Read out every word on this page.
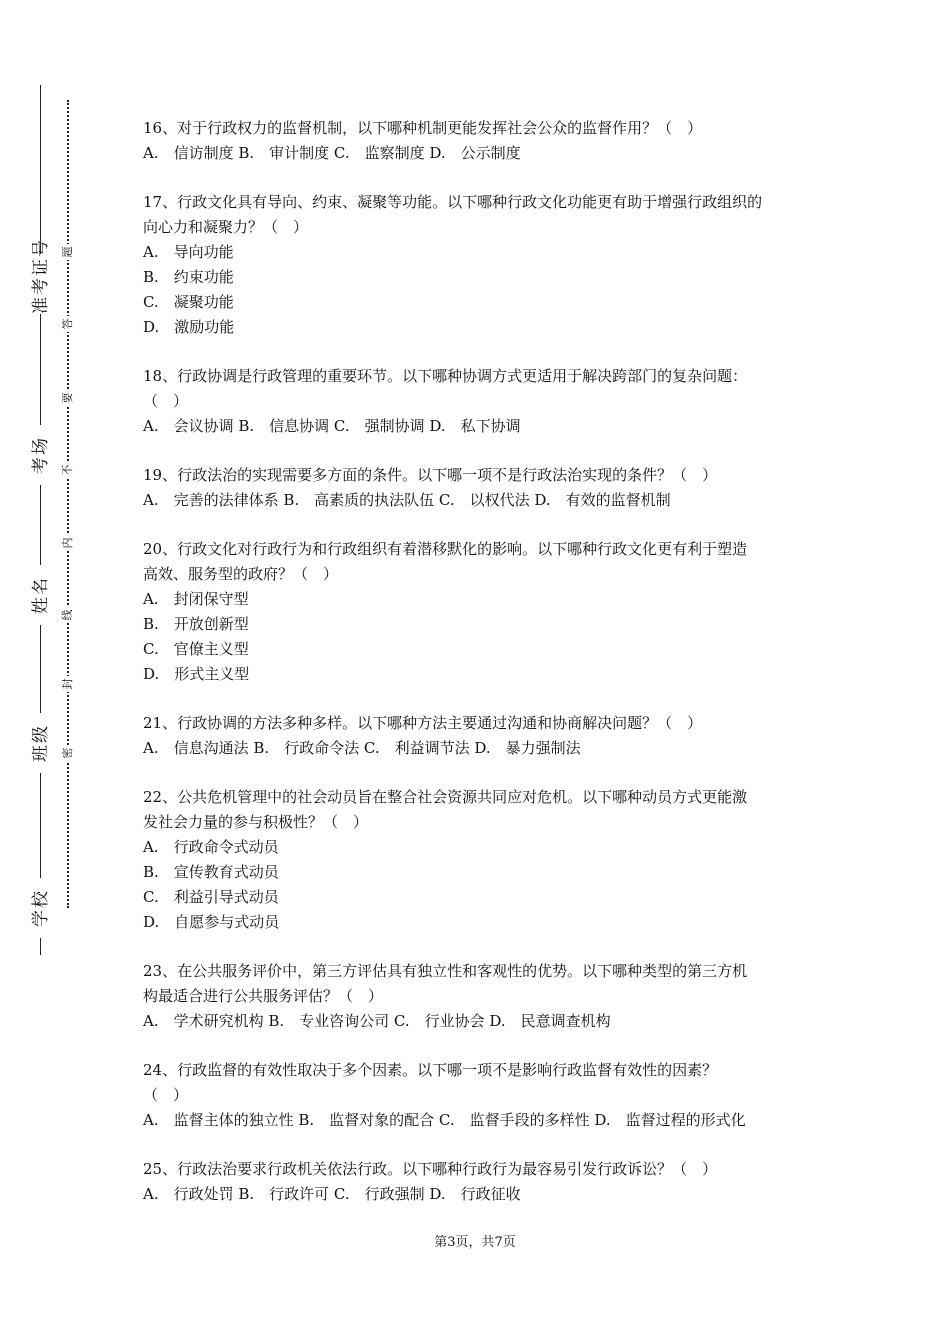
准考证号
考场
姓名
班级
学校
题
答
要
不
内
线
封
密
16、对于行政权力的监督机制，以下哪种机制更能发挥社会公众的监督作用？（　）
A.　信访制度 B.　审计制度 C.　监察制度 D.　公示制度
17、行政文化具有导向、约束、凝聚等功能。以下哪种行政文化功能更有助于增强行政组织的
向心力和凝聚力？（　）
A.　导向功能
B.　约束功能
C.　凝聚功能
D.　激励功能
18、行政协调是行政管理的重要环节。以下哪种协调方式更适用于解决跨部门的复杂问题：
（　）
A.　会议协调 B.　信息协调 C.　强制协调 D.　私下协调
19、行政法治的实现需要多方面的条件。以下哪一项不是行政法治实现的条件？（　）
A.　完善的法律体系 B.　高素质的执法队伍 C.　以权代法 D.　有效的监督机制
20、行政文化对行政行为和行政组织有着潜移默化的影响。以下哪种行政文化更有利于塑造
高效、服务型的政府？（　）
A.　封闭保守型
B.　开放创新型
C.　官僚主义型
D.　形式主义型
21、行政协调的方法多种多样。以下哪种方法主要通过沟通和协商解决问题？（　）
A.　信息沟通法 B.　行政命令法 C.　利益调节法 D.　暴力强制法
22、公共危机管理中的社会动员旨在整合社会资源共同应对危机。以下哪种动员方式更能激
发社会力量的参与积极性？（　）
A.　行政命令式动员
B.　宣传教育式动员
C.　利益引导式动员
D.　自愿参与式动员
23、在公共服务评价中，第三方评估具有独立性和客观性的优势。以下哪种类型的第三方机
构最适合进行公共服务评估？（　）
A.　学术研究机构 B.　专业咨询公司 C.　行业协会 D.　民意调查机构
24、行政监督的有效性取决于多个因素。以下哪一项不是影响行政监督有效性的因素？
（　）
A.　监督主体的独立性 B.　监督对象的配合 C.　监督手段的多样性 D.　监督过程的形式化
25、行政法治要求行政机关依法行政。以下哪种行政行为最容易引发行政诉讼？（　）
A.　行政处罚 B.　行政许可 C.　行政强制 D.　行政征收
第3页，共7页
